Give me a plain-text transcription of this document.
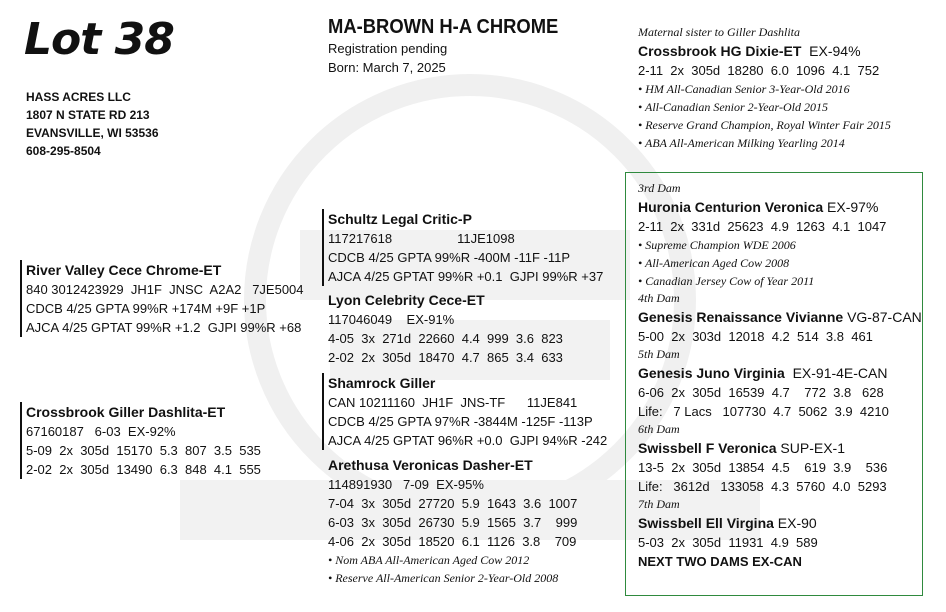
Lot 38
HASS ACRES LLC
1807 N STATE RD 213
EVANSVILLE, WI 53536
608-295-8504
MA-BROWN H-A CHROME
Registration pending
Born: March 7, 2025
River Valley Cece Chrome-ET
840 3012423929  JH1F  JNSC  A2A2   7JE5004
CDCB 4/25 GPTA 99%R +174M +9F +1P
AJCA 4/25 GPTAT 99%R +1.2  GJPI 99%R +68
Crossbrook Giller Dashlita-ET
67160187   6-03  EX-92%
5-09  2x  305d  15170  5.3  807  3.5  535
2-02  2x  305d  13490  6.3  848  4.1  555
Schultz Legal Critic-P
117217618                  11JE1098
CDCB 4/25 GPTA 99%R -400M -11F -11P
AJCA 4/25 GPTAT 99%R +0.1  GJPI 99%R +37
Lyon Celebrity Cece-ET
117046049    EX-91%
4-05  3x  271d  22660  4.4  999  3.6  823
2-02  2x  305d  18470  4.7  865  3.4  633
Shamrock Giller
CAN 10211160  JH1F  JNS-TF      11JE841
CDCB 4/25 GPTA 97%R -3844M -125F -113P
AJCA 4/25 GPTAT 96%R +0.0  GJPI 94%R -242
Arethusa Veronicas Dasher-ET
114891930   7-09  EX-95%
7-04  3x  305d  27720  5.9  1643  3.6  1007
6-03  3x  305d  26730  5.9  1565  3.7    999
4-06  2x  305d  18520  6.1  1126  3.8    709
• Nom ABA All-American Aged Cow 2012
• Reserve All-American Senior 2-Year-Old 2008
Maternal sister to Giller Dashlita
Crossbrook HG Dixie-ET EX-94%
2-11  2x  305d  18280  6.0  1096  4.1  752
• HM All-Canadian Senior 3-Year-Old 2016
• All-Canadian Senior 2-Year-Old 2015
• Reserve Grand Champion, Royal Winter Fair 2015
• ABA All-American Milking Yearling 2014
3rd Dam
Huronia Centurion Veronica EX-97%
2-11  2x  331d  25623  4.9  1263  4.1  1047
• Supreme Champion WDE 2006
• All-American Aged Cow 2008
• Canadian Jersey Cow of Year 2011
4th Dam
Genesis Renaissance Vivianne VG-87-CAN
5-00  2x  303d  12018  4.2  514  3.8  461
5th Dam
Genesis Juno Virginia EX-91-4E-CAN
6-06  2x  305d  16539  4.7    772  3.8   628
Life:   7 Lacs   107730  4.7  5062  3.9  4210
6th Dam
Swissbell F Veronica SUP-EX-1
13-5  2x  305d  13854  4.5    619  3.9    536
Life:   3612d   133058  4.3  5760  4.0  5293
7th Dam
Swissbell Ell Virgina EX-90
5-03  2x  305d  11931  4.9  589
NEXT TWO DAMS EX-CAN
